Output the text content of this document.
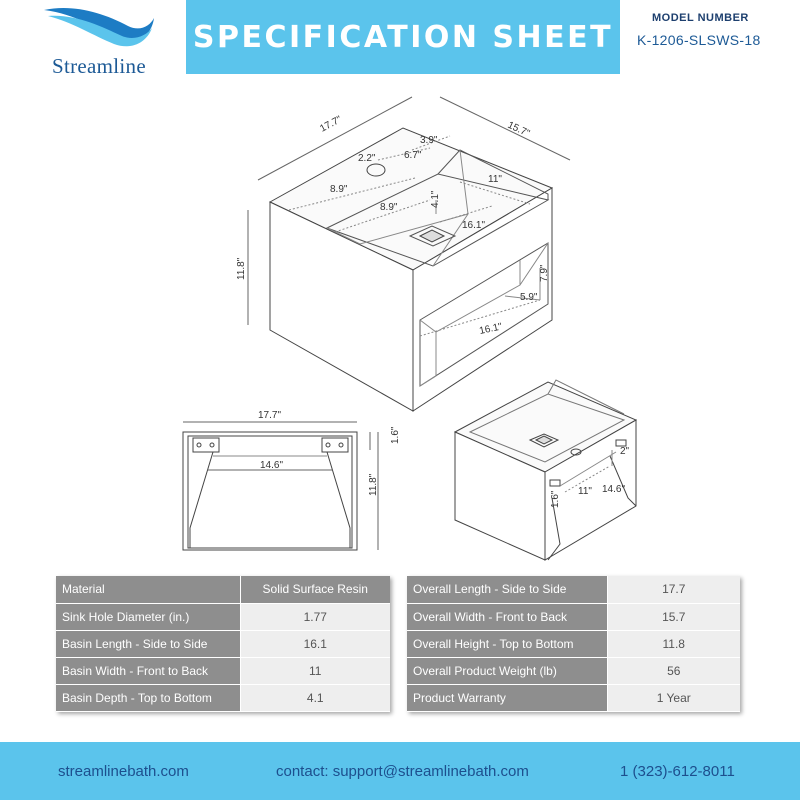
Streamline
SPECIFICATION SHEET
MODEL NUMBER
K-1206-SLSWS-18
17.7"	15.7"
11.8"
3.9"
6.7"
2.2"
8.9"
8.9"
11"
16.1"
4.1"
7.9"
5.9"
16.1"
17.7"
1.6"
11.8"
14.6"
1.6" 11" 14.6"
2"
Material	Solid Surface Resin
Sink Hole Diameter (in.)	1.77
Basin Length - Side to Side	16.1
Basin Width - Front to Back	11
Basin Depth - Top to Bottom	4.1
Overall Length - Side to Side	17.7
Overall Width - Front to Back	15.7
Overall Height - Top to Bottom	11.8
Overall Product Weight (lb)	56
Product Warranty	1 Year
streamlinebath.com	contact: support@streamlinebath.com	1 (323)-612-8011
